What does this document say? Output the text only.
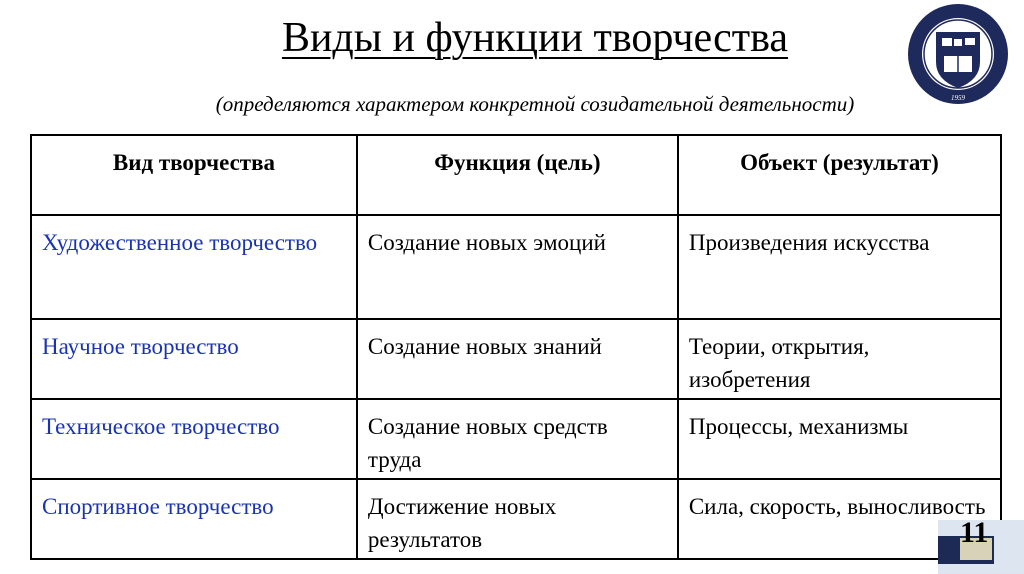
Виды и функции творчества
(определяются характером конкретной созидательной деятельности)	1959
Вид творчества	Функция (цель)	Объект (результат)
Художественное творчество	Создание новых эмоций	Произведения искусства
Научное творчество	Создание новых знаний	Теории, открытия, изобретения
Техническое творчество	Создание новых средств труда	Процессы, механизмы
Спортивное творчество	Достижение новых результатов	Сила, скорость, выносливость
11
